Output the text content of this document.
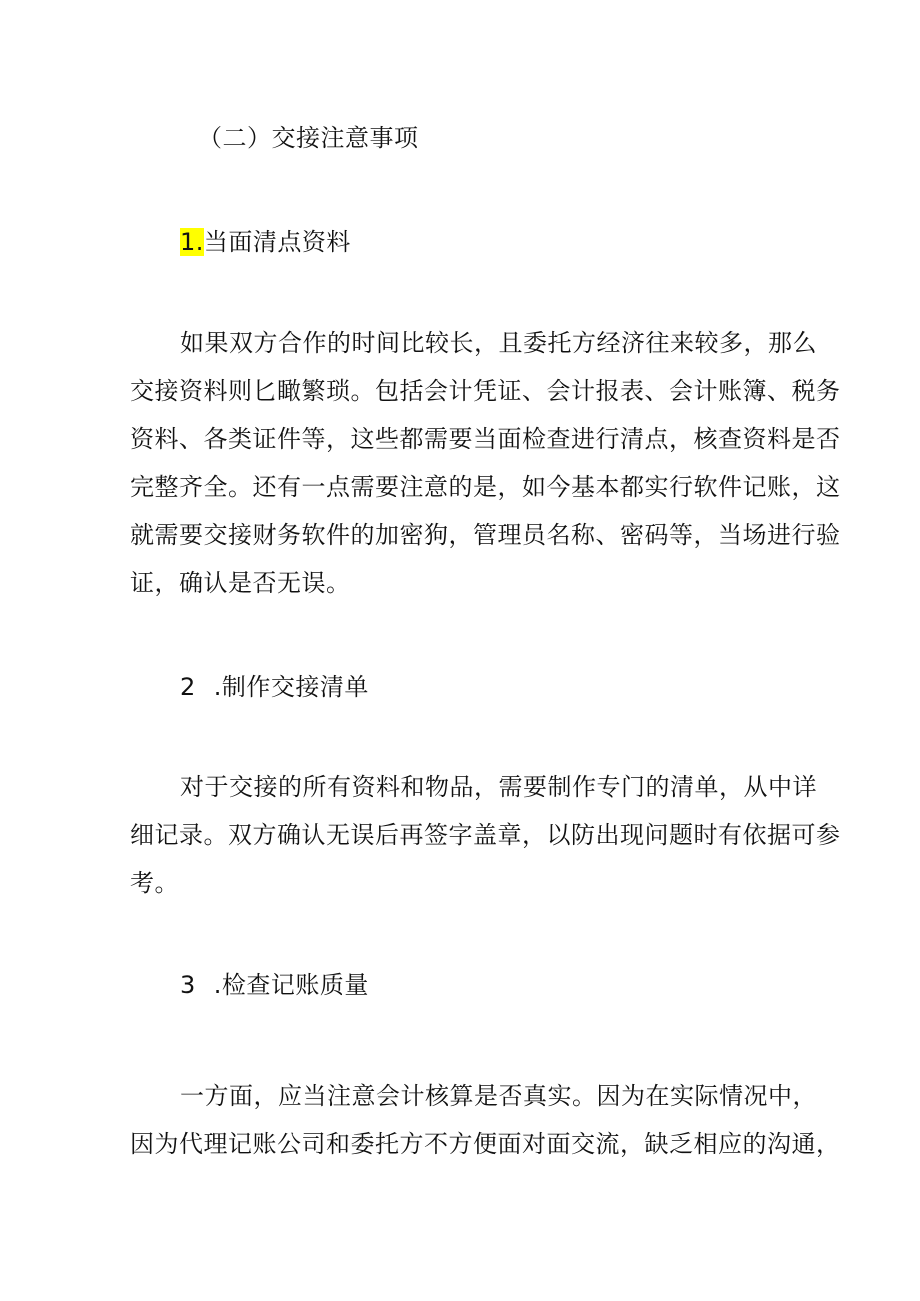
（二）交接注意事项
1.当面清点资料
如果双方合作的时间比较长，且委托方经济往来较多，那么
交接资料则匕瞰繁琐。包括会计凭证、会计报表、会计账簿、税务
资料、各类证件等，这些都需要当面检查进行清点，核查资料是否
完整齐全。还有一点需要注意的是，如今基本都实行软件记账，这
就需要交接财务软件的加密狗，管理员名称、密码等，当场进行验
证，确认是否无误。
2 .制作交接清单
对于交接的所有资料和物品，需要制作专门的清单，从中详
细记录。双方确认无误后再签字盖章，以防出现问题时有依据可参
考。
3 .检查记账质量
一方面，应当注意会计核算是否真实。因为在实际情况中，
因为代理记账公司和委托方不方便面对面交流，缺乏相应的沟通，
